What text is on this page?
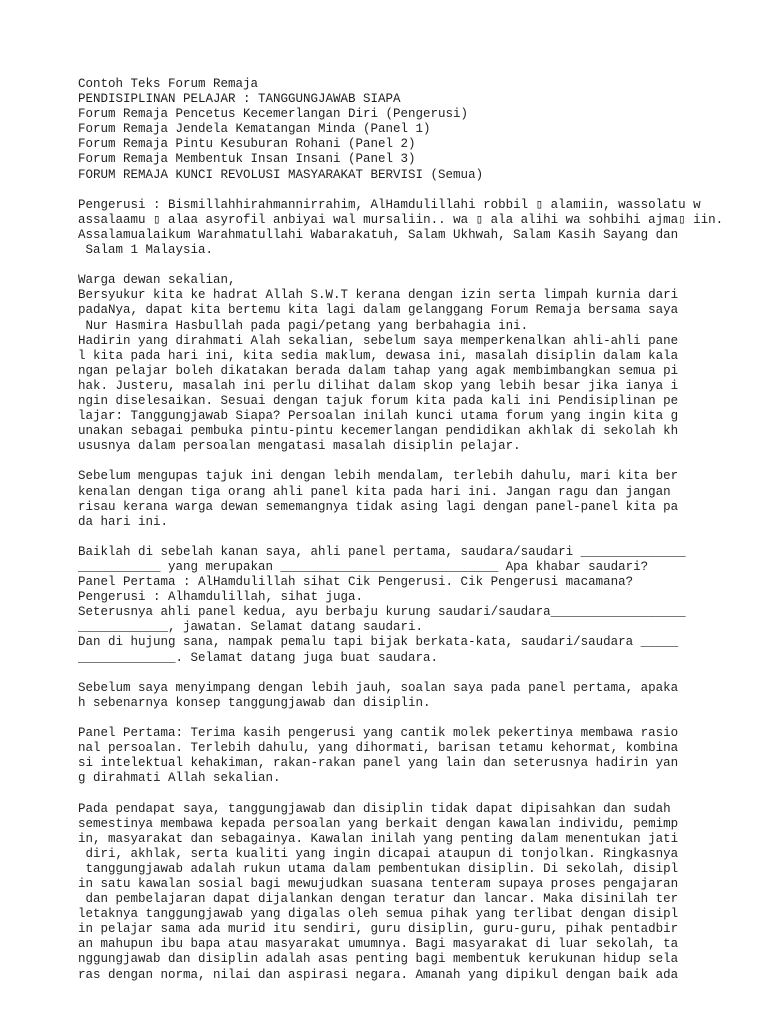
Contoh Teks Forum Remaja
PENDISIPLINAN PELAJAR : TANGGUNGJAWAB SIAPA
Forum Remaja Pencetus Kecemerlangan Diri (Pengerusi)
Forum Remaja Jendela Kematangan Minda (Panel 1)
Forum Remaja Pintu Kesuburan Rohani (Panel 2)
Forum Remaja Membentuk Insan Insani (Panel 3)
FORUM REMAJA KUNCI REVOLUSI MASYARAKAT BERVISI (Semua)
Pengerusi : Bismillahhirahmannirrahim, AlHamdulillahi robbil ▯ alamiin, wassolatu w
assalaamu ▯ alaa asyrofil anbiyai wal mursaliin.. wa ▯ ala alihi wa sohbihi ajma▯ iin.
Assalamualaikum Warahmatullahi Wabarakatuh, Salam Ukhwah, Salam Kasih Sayang dan
Salam 1 Malaysia.
Warga dewan sekalian,
Bersyukur kita ke hadrat Allah S.W.T kerana dengan izin serta limpah kurnia dari
padaNya, dapat kita bertemu kita lagi dalam gelanggang Forum Remaja bersama saya
Nur Hasmira Hasbullah pada pagi/petang yang berbahagia ini.
Hadirin yang dirahmati Alah sekalian, sebelum saya memperkenalkan ahli-ahli pane
l kita pada hari ini, kita sedia maklum, dewasa ini, masalah disiplin dalam kala
ngan pelajar boleh dikatakan berada dalam tahap yang agak membimbangkan semua pi
hak. Justeru, masalah ini perlu dilihat dalam skop yang lebih besar jika ianya i
ngin diselesaikan. Sesuai dengan tajuk forum kita pada kali ini Pendisiplinan pe
lajar: Tanggungjawab Siapa? Persoalan inilah kunci utama forum yang ingin kita g
unakan sebagai pembuka pintu-pintu kecemerlangan pendidikan akhlak di sekolah kh
ususnya dalam persoalan mengatasi masalah disiplin pelajar.
Sebelum mengupas tajuk ini dengan lebih mendalam, terlebih dahulu, mari kita ber
kenalan dengan tiga orang ahli panel kita pada hari ini. Jangan ragu dan jangan
risau kerana warga dewan sememangnya tidak asing lagi dengan panel-panel kita pa
da hari ini.
Baiklah di sebelah kanan saya, ahli panel pertama, saudara/saudari ______________
___________ yang merupakan _____________________________ Apa khabar saudari?
Panel Pertama : AlHamdulillah sihat Cik Pengerusi. Cik Pengerusi macamana?
Pengerusi : Alhamdulillah, sihat juga.
Seterusnya ahli panel kedua, ayu berbaju kurung saudari/saudara__________________
____________, jawatan. Selamat datang saudari.
Dan di hujung sana, nampak pemalu tapi bijak berkata-kata, saudari/saudara _____
_____________. Selamat datang juga buat saudara.
Sebelum saya menyimpang dengan lebih jauh, soalan saya pada panel pertama, apaka
h sebenarnya konsep tanggungjawab dan disiplin.
Panel Pertama: Terima kasih pengerusi yang cantik molek pekertinya membawa rasio
nal persoalan. Terlebih dahulu, yang dihormati, barisan tetamu kehormat, kombina
si intelektual kehakiman, rakan-rakan panel yang lain dan seterusnya hadirin yan
g dirahmati Allah sekalian.
Pada pendapat saya, tanggungjawab dan disiplin tidak dapat dipisahkan dan sudah
semestinya membawa kepada persoalan yang berkait dengan kawalan individu, pemimp
in, masyarakat dan sebagainya. Kawalan inilah yang penting dalam menentukan jati
diri, akhlak, serta kualiti yang ingin dicapai ataupun di tonjolkan. Ringkasnya
tanggungjawab adalah rukun utama dalam pembentukan disiplin. Di sekolah, disipl
in satu kawalan sosial bagi mewujudkan suasana tenteram supaya proses pengajaran
dan pembelajaran dapat dijalankan dengan teratur dan lancar. Maka disinilah ter
letaknya tanggungjawab yang digalas oleh semua pihak yang terlibat dengan disipl
in pelajar sama ada murid itu sendiri, guru disiplin, guru-guru, pihak pentadbir
an mahupun ibu bapa atau masyarakat umumnya. Bagi masyarakat di luar sekolah, ta
nggungjawab dan disiplin adalah asas penting bagi membentuk kerukunan hidup sela
ras dengan norma, nilai dan aspirasi negara. Amanah yang dipikul dengan baik ada
